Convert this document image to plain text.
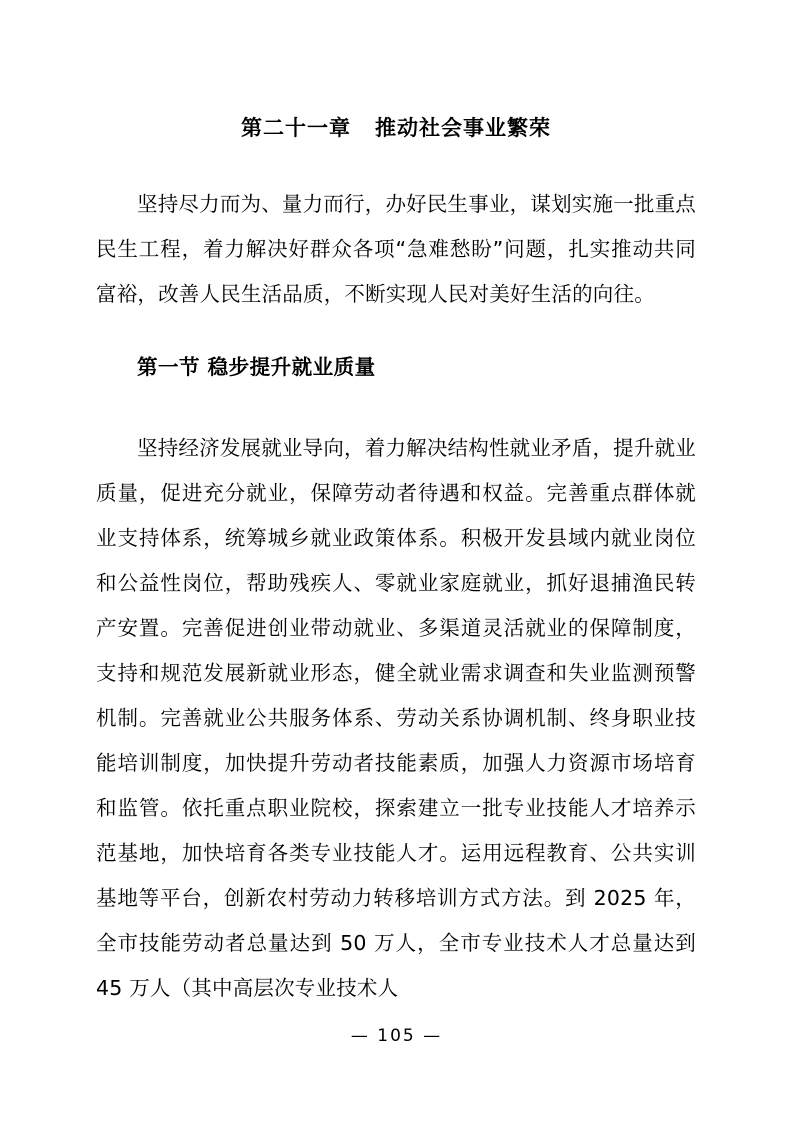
第二十一章 推动社会事业繁荣

坚持尽力而为、量力而行，办好民生事业，谋划实施一批重点民生工程，着力解决好群众各项“急难愁盼”问题，扎实推动共同富裕，改善人民生活品质，不断实现人民对美好生活的向往。

第一节 稳步提升就业质量

坚持经济发展就业导向，着力解决结构性就业矛盾，提升就业质量，促进充分就业，保障劳动者待遇和权益。完善重点群体就业支持体系，统筹城乡就业政策体系。积极开发县域内就业岗位和公益性岗位，帮助残疾人、零就业家庭就业，抓好退捕渔民转产安置。完善促进创业带动就业、多渠道灵活就业的保障制度，支持和规范发展新就业形态，健全就业需求调查和失业监测预警机制。完善就业公共服务体系、劳动关系协调机制、终身职业技能培训制度，加快提升劳动者技能素质，加强人力资源市场培育和监管。依托重点职业院校，探索建立一批专业技能人才培养示范基地，加快培育各类专业技能人才。运用远程教育、公共实训基地等平台，创新农村劳动力转移培训方式方法。到 2025 年，全市技能劳动者总量达到 50 万人，全市专业技术人才总量达到 45 万人（其中高层次专业技术人

— 105 —
